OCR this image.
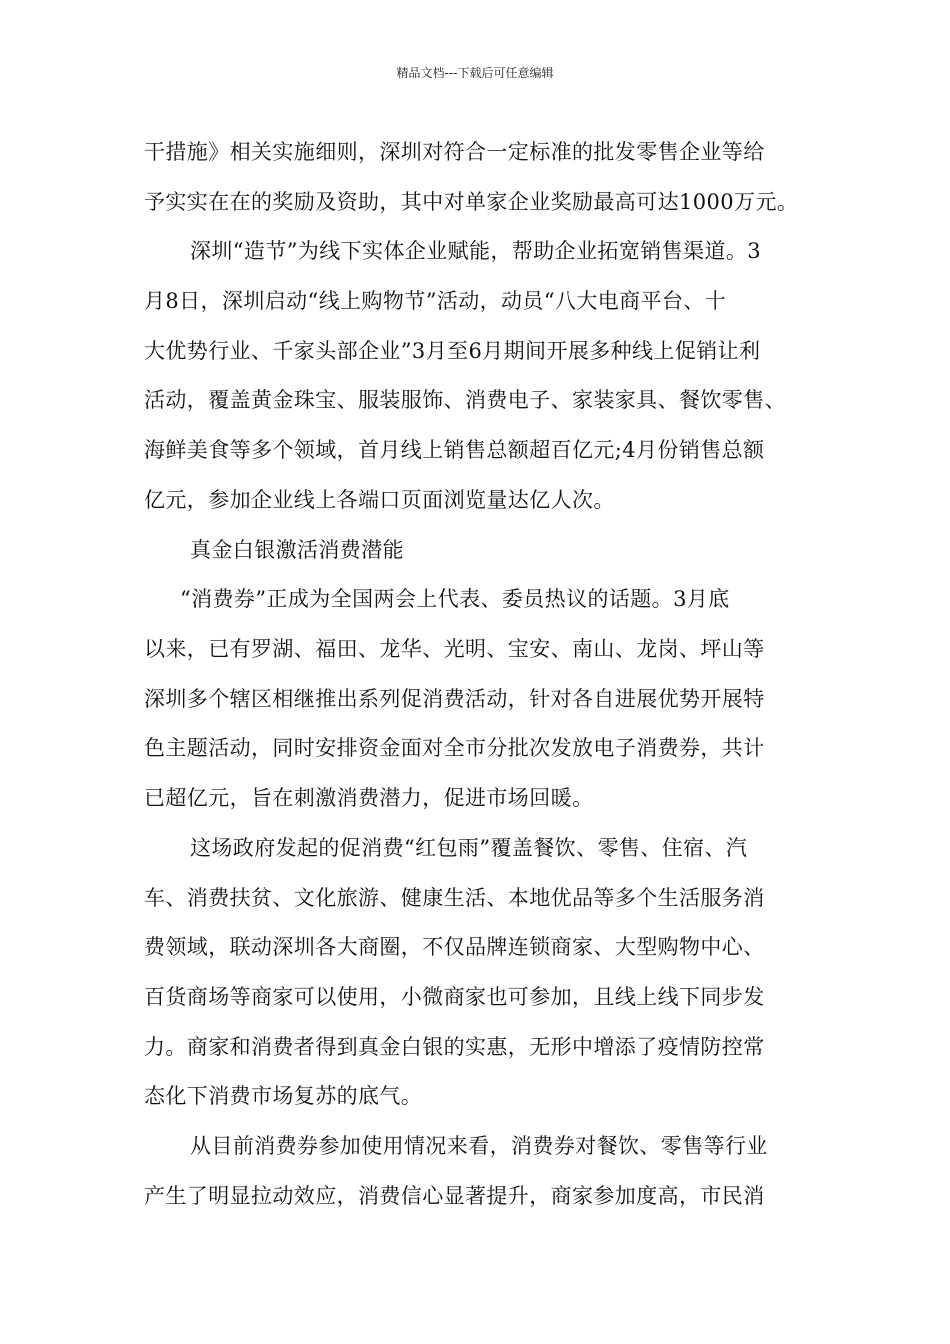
精品文档---下载后可任意编辑
干措施》相关实施细则，深圳对符合一定标准的批发零售企业等给
予实实在在的奖励及资助，其中对单家企业奖励最高可达1000万元。
深圳“造节”为线下实体企业赋能，帮助企业拓宽销售渠道。3
月8日，深圳启动“线上购物节”活动，动员“八大电商平台、十
大优势行业、千家头部企业”3月至6月期间开展多种线上促销让利
活动，覆盖黄金珠宝、服装服饰、消费电子、家装家具、餐饮零售、
海鲜美食等多个领域，首月线上销售总额超百亿元;4月份销售总额
亿元，参加企业线上各端口页面浏览量达亿人次。
真金白银激活消费潜能
“消费券”正成为全国两会上代表、委员热议的话题。3月底
以来，已有罗湖、福田、龙华、光明、宝安、南山、龙岗、坪山等
深圳多个辖区相继推出系列促消费活动，针对各自进展优势开展特
色主题活动，同时安排资金面对全市分批次发放电子消费券，共计
已超亿元，旨在刺激消费潜力，促进市场回暖。
这场政府发起的促消费“红包雨”覆盖餐饮、零售、住宿、汽
车、消费扶贫、文化旅游、健康生活、本地优品等多个生活服务消
费领域，联动深圳各大商圈，不仅品牌连锁商家、大型购物中心、
百货商场等商家可以使用，小微商家也可参加，且线上线下同步发
力。商家和消费者得到真金白银的实惠，无形中增添了疫情防控常
态化下消费市场复苏的底气。
从目前消费券参加使用情况来看，消费券对餐饮、零售等行业
产生了明显拉动效应，消费信心显著提升，商家参加度高，市民消
